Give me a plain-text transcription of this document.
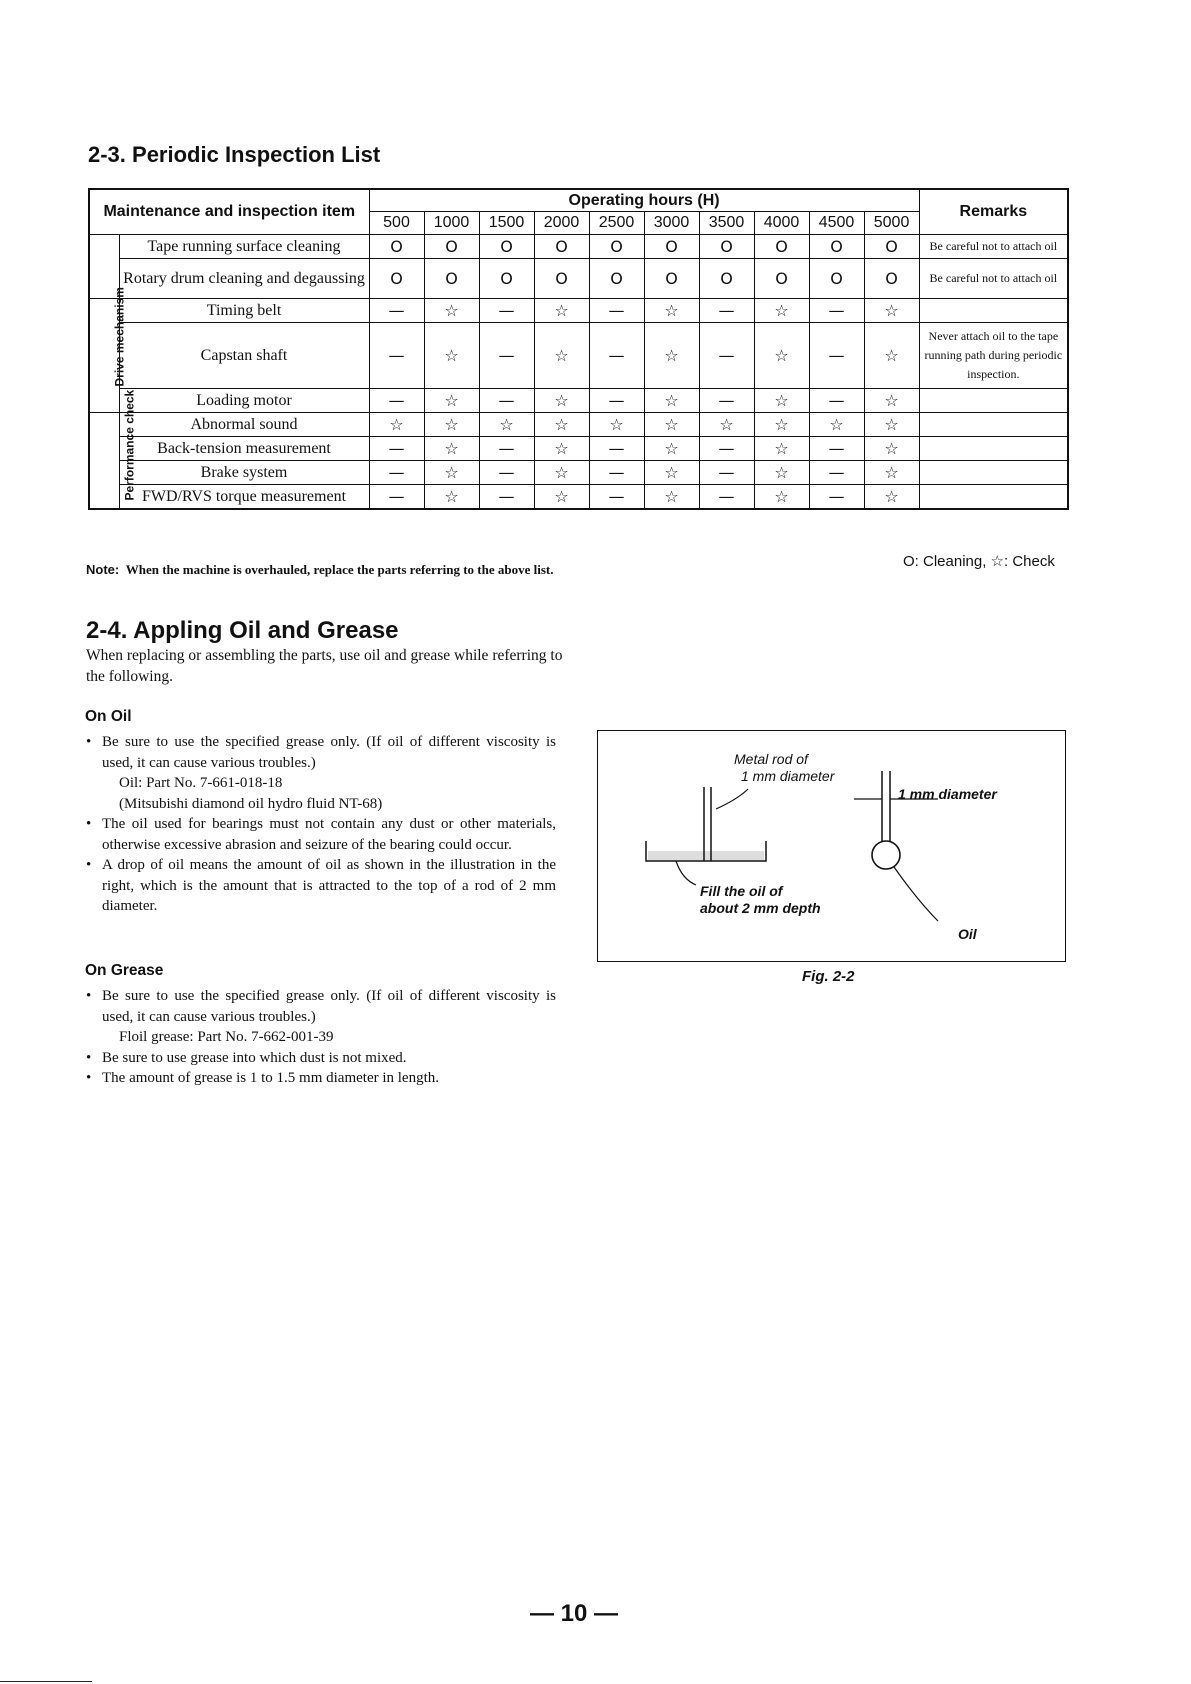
2-3. Periodic Inspection List
Maintenance and inspection item		Operating hours (H)										Remarks
		500	1000	1500	2000	2500	3000	3500	4000	4500	5000	
	Tape running surface cleaning	O	O	O	O	O	O	O	O	O	O	Be careful not to attach oil
	Rotary drum cleaning and degaussing	O	O	O	O	O	O	O	O	O	O	Be careful not to attach oil
Drive mechanism	Timing belt	—	☆	—	☆	—	☆	—	☆	—	☆	
	Capstan shaft	—	☆	—	☆	—	☆	—	☆	—	☆	Never attach oil to the tape running path during periodic inspection.
	Loading motor	—	☆	—	☆	—	☆	—	☆	—	☆	
Performance check	Abnormal sound	☆	☆	☆	☆	☆	☆	☆	☆	☆	☆	
	Back-tension measurement	—	☆	—	☆	—	☆	—	☆	—	☆	
	Brake system	—	☆	—	☆	—	☆	—	☆	—	☆	
	FWD/RVS torque measurement	—	☆	—	☆	—	☆	—	☆	—	☆	
Note: When the machine is overhauled, replace the parts referring to the above list.	O: Cleaning, ☆: Check
2-4. Appling Oil and Grease
When replacing or assembling the parts, use oil and grease while referring to the following.
On Oil
• Be sure to use the specified grease only. (If oil of different viscosity is used, it can cause various troubles.)
Oil: Part No. 7-661-018-18
(Mitsubishi diamond oil hydro fluid NT-68)
• The oil used for bearings must not contain any dust or other materials, otherwise excessive abrasion and seizure of the bearing could occur.
• A drop of oil means the amount of oil as shown in the illustration in the right, which is the amount that is attracted to the top of a rod of 2 mm diameter.
On Grease
• Be sure to use the specified grease only. (If oil of different viscosity is used, it can cause various troubles.)
Floil grease: Part No. 7-662-001-39
• Be sure to use grease into which dust is not mixed.
• The amount of grease is 1 to 1.5 mm diameter in length.
Metal rod of
1 mm diameter
1 mm diameter
Fill the oil of
about 2 mm depth
Oil
Fig. 2-2
— 10 —
